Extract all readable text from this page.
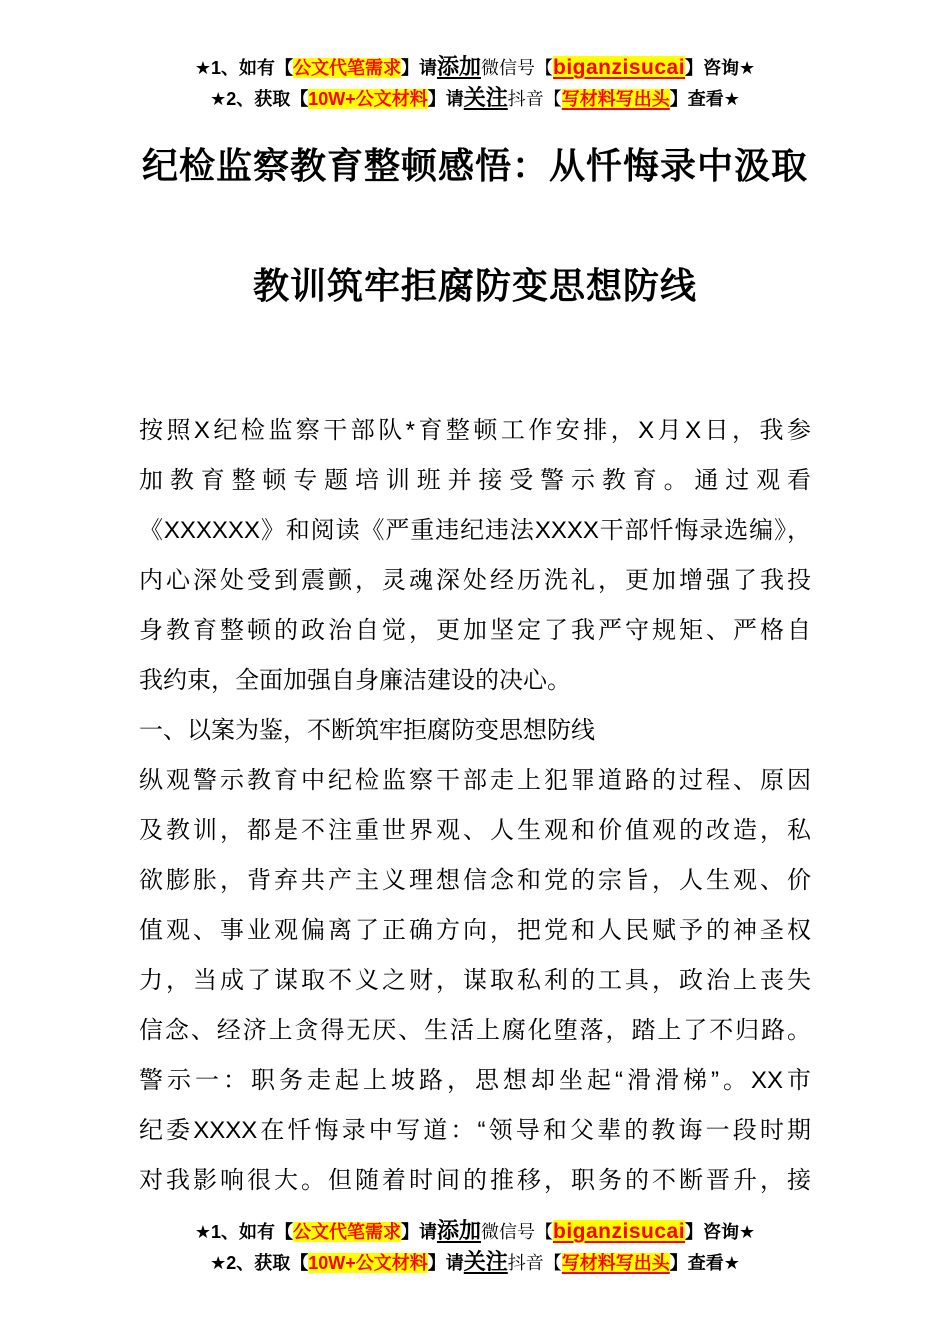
★1、如有【公文代笔需求】请添加微信号【biganzisucai】咨询★
★2、获取【10W+公文材料】请关注抖音【写材料写出头】查看★
纪检监察教育整顿感悟：从忏悔录中汲取
教训筑牢拒腐防变思想防线
按照X纪检监察干部队*育整顿工作安排，X月X日，我参
加教育整顿专题培训班并接受警示教育。通过观看
《XXXXXX》和阅读《严重违纪违法XXXX干部忏悔录选编》，
内心深处受到震颤，灵魂深处经历洗礼，更加增强了我投
身教育整顿的政治自觉，更加坚定了我严守规矩、严格自
我约束，全面加强自身廉洁建设的决心。
一、以案为鉴，不断筑牢拒腐防变思想防线
纵观警示教育中纪检监察干部走上犯罪道路的过程、原因
及教训，都是不注重世界观、人生观和价值观的改造，私
欲膨胀，背弃共产主义理想信念和党的宗旨，人生观、价
值观、事业观偏离了正确方向，把党和人民赋予的神圣权
力，当成了谋取不义之财，谋取私利的工具，政治上丧失
信念、经济上贪得无厌、生活上腐化堕落，踏上了不归路。
警示一：职务走起上坡路，思想却坐起“滑滑梯”。XX市
纪委XXXX在忏悔录中写道：“领导和父辈的教诲一段时期
对我影响很大。但随着时间的推移，职务的不断晋升，接
★1、如有【公文代笔需求】请添加微信号【biganzisucai】咨询★
★2、获取【10W+公文材料】请关注抖音【写材料写出头】查看★
